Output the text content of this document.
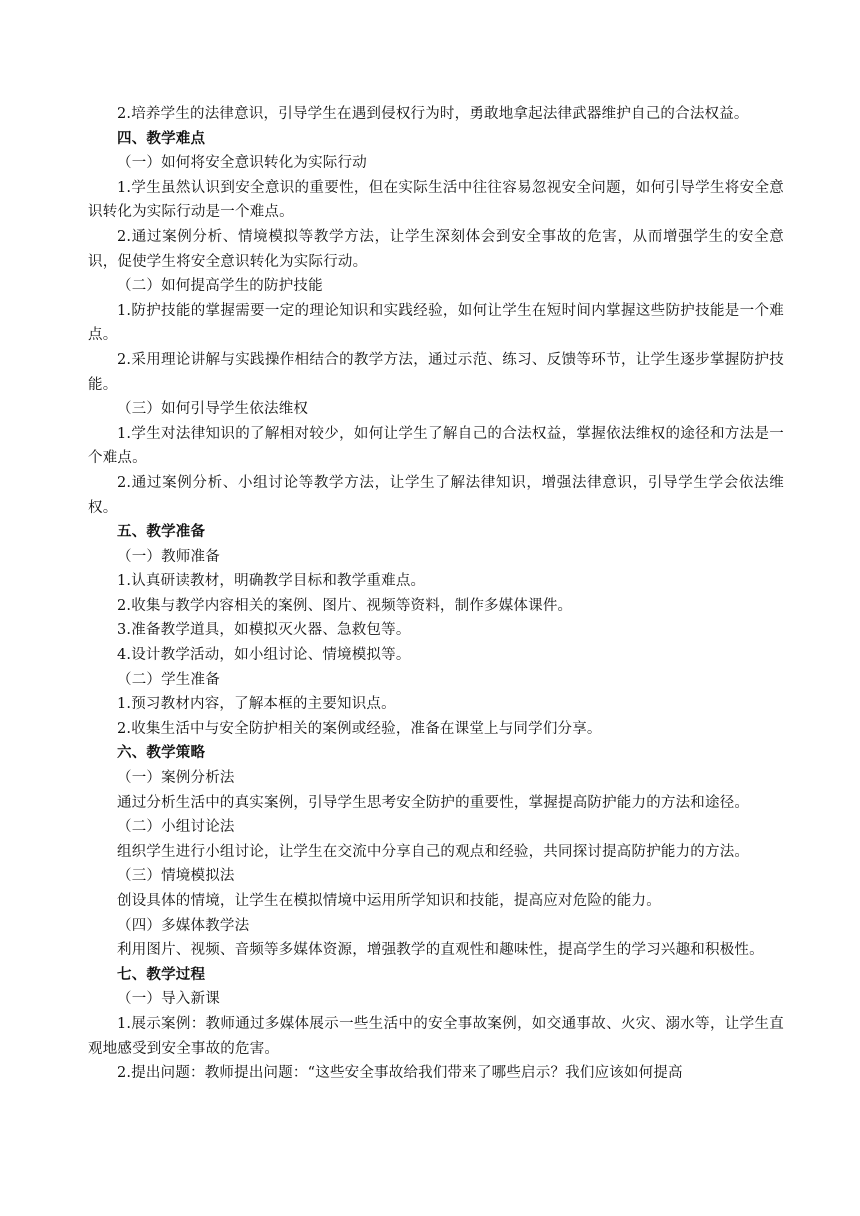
2.培养学生的法律意识，引导学生在遇到侵权行为时，勇敢地拿起法律武器维护自己的合法权益。

四、教学难点

（一）如何将安全意识转化为实际行动

1.学生虽然认识到安全意识的重要性，但在实际生活中往往容易忽视安全问题，如何引导学生将安全意识转化为实际行动是一个难点。

2.通过案例分析、情境模拟等教学方法，让学生深刻体会到安全事故的危害，从而增强学生的安全意识，促使学生将安全意识转化为实际行动。

（二）如何提高学生的防护技能

1.防护技能的掌握需要一定的理论知识和实践经验，如何让学生在短时间内掌握这些防护技能是一个难点。

2.采用理论讲解与实践操作相结合的教学方法，通过示范、练习、反馈等环节，让学生逐步掌握防护技能。

（三）如何引导学生依法维权

1.学生对法律知识的了解相对较少，如何让学生了解自己的合法权益，掌握依法维权的途径和方法是一个难点。

2.通过案例分析、小组讨论等教学方法，让学生了解法律知识，增强法律意识，引导学生学会依法维权。

五、教学准备

（一）教师准备

1.认真研读教材，明确教学目标和教学重难点。

2.收集与教学内容相关的案例、图片、视频等资料，制作多媒体课件。

3.准备教学道具，如模拟灭火器、急救包等。

4.设计教学活动，如小组讨论、情境模拟等。

（二）学生准备

1.预习教材内容，了解本框的主要知识点。

2.收集生活中与安全防护相关的案例或经验，准备在课堂上与同学们分享。

六、教学策略

（一）案例分析法

通过分析生活中的真实案例，引导学生思考安全防护的重要性，掌握提高防护能力的方法和途径。

（二）小组讨论法

组织学生进行小组讨论，让学生在交流中分享自己的观点和经验，共同探讨提高防护能力的方法。

（三）情境模拟法

创设具体的情境，让学生在模拟情境中运用所学知识和技能，提高应对危险的能力。

（四）多媒体教学法

利用图片、视频、音频等多媒体资源，增强教学的直观性和趣味性，提高学生的学习兴趣和积极性。

七、教学过程

（一）导入新课

1.展示案例：教师通过多媒体展示一些生活中的安全事故案例，如交通事故、火灾、溺水等，让学生直观地感受到安全事故的危害。

2.提出问题：教师提出问题：“这些安全事故给我们带来了哪些启示？我们应该如何提高
